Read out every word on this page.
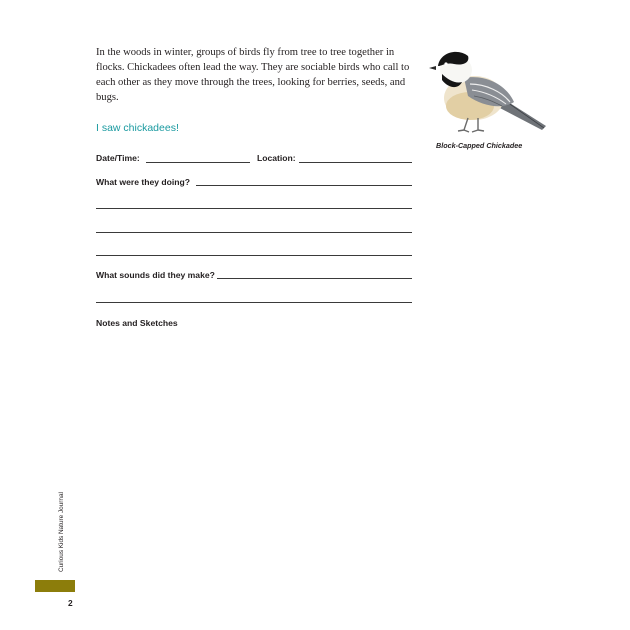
In the woods in winter, groups of birds fly from tree to tree together in flocks. Chickadees often lead the way. They are sociable birds who call to each other as they move through the trees, looking for berries, seeds, and bugs.

I saw chickadees!
Date/Time:	Location:
What were they doing?
What sounds did they make?
Notes and Sketches
Block-Capped Chickadee
Curious Kids Nature Journal
2
